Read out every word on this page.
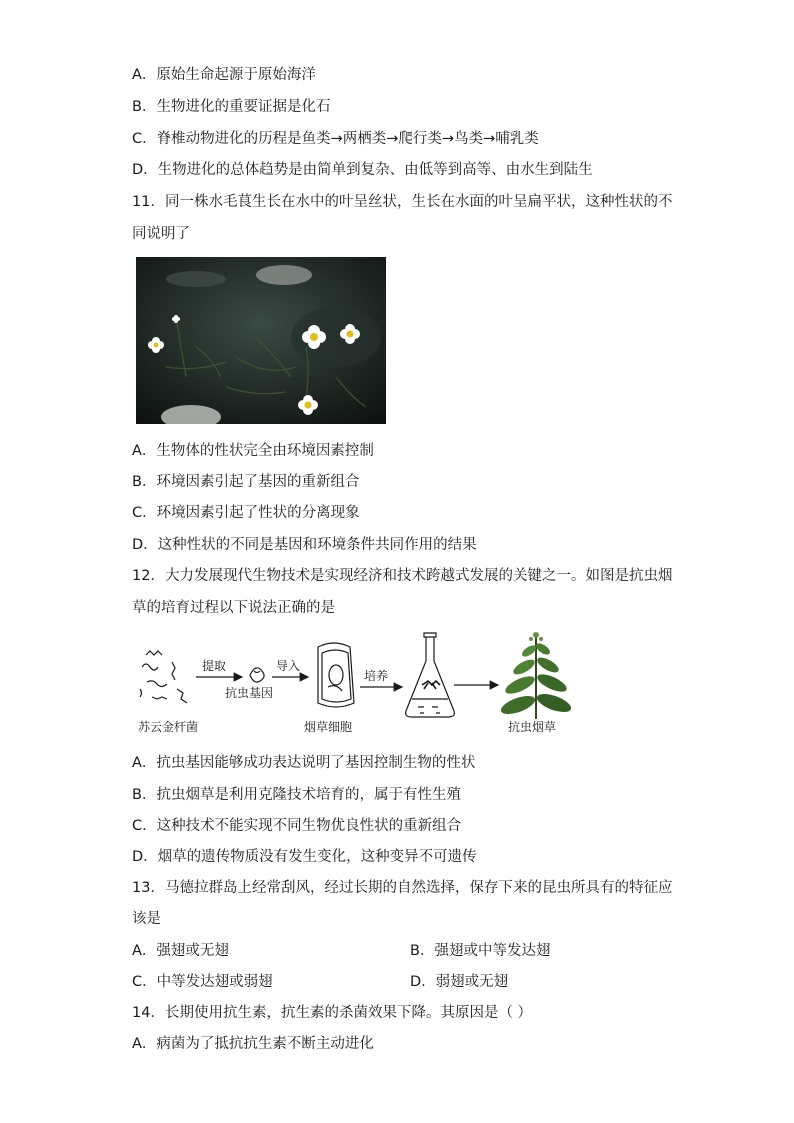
A．原始生命起源于原始海洋
B．生物进化的重要证据是化石
C．脊椎动物进化的历程是鱼类→两栖类→爬行类→鸟类→哺乳类
D．生物进化的总体趋势是由简单到复杂、由低等到高等、由水生到陆生
11．同一株水毛茛生长在水中的叶呈丝状，生长在水面的叶呈扁平状，这种性状的不
同说明了
A．生物体的性状完全由环境因素控制
B．环境因素引起了基因的重新组合
C．环境因素引起了性状的分离现象
D．这种性状的不同是基因和环境条件共同作用的结果
12．大力发展现代生物技术是实现经济和技术跨越式发展的关键之一。如图是抗虫烟
草的培育过程以下说法正确的是
苏云金杆菌
提取
抗虫基因
导入
烟草细胞
培养
抗虫烟草
A．抗虫基因能够成功表达说明了基因控制生物的性状
B．抗虫烟草是利用克隆技术培育的，属于有性生殖
C．这种技术不能实现不同生物优良性状的重新组合
D．烟草的遗传物质没有发生变化，这种变异不可遗传
13．马德拉群岛上经常刮风，经过长期的自然选择，保存下来的昆虫所具有的特征应
该是
A．强翅或无翅	B．强翅或中等发达翅
C．中等发达翅或弱翅	D．弱翅或无翅
14．长期使用抗生素，抗生素的杀菌效果下降。其原因是（ ）
A．病菌为了抵抗抗生素不断主动进化
